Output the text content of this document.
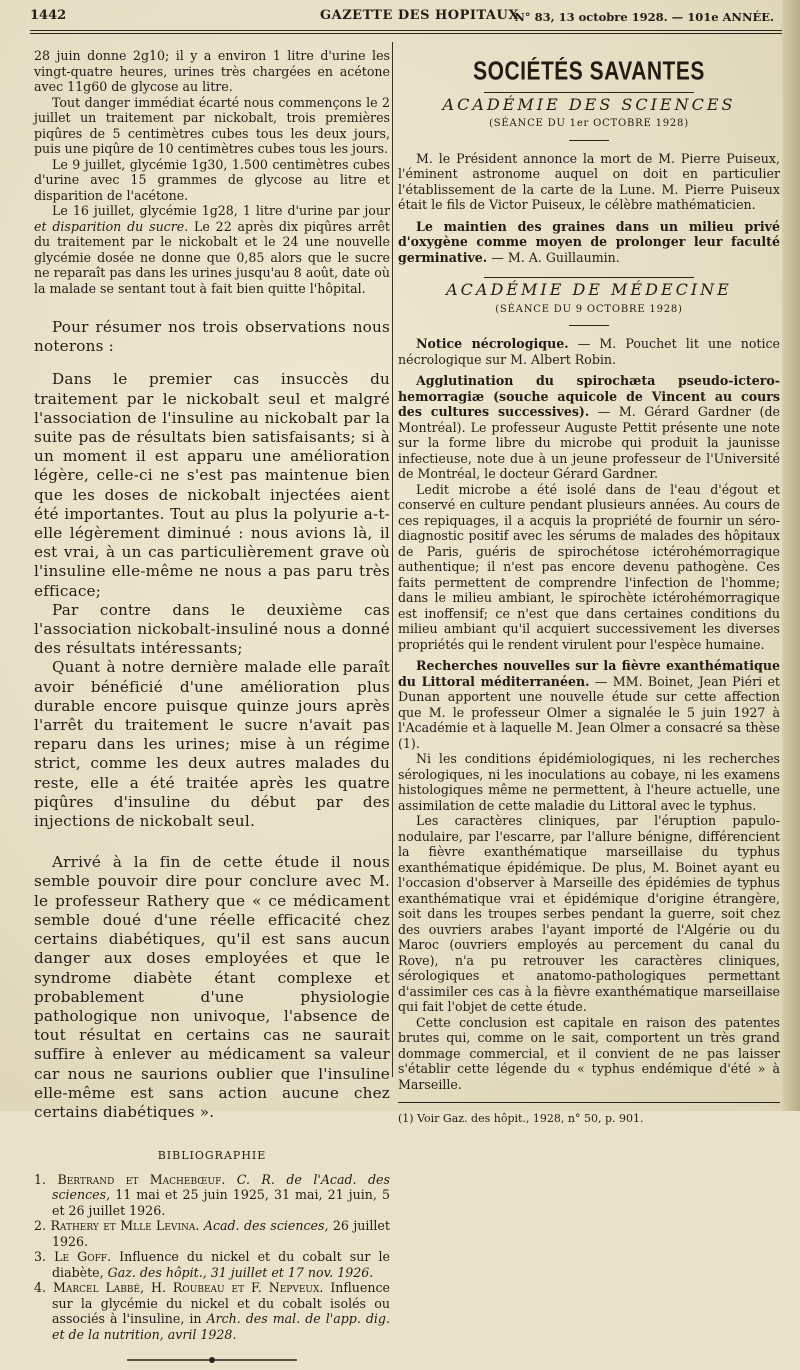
1442	GAZETTE DES HOPITAUX
N° 83, 13 octobre 1928. — 101e ANNÉE.

28 juin donne 2g10; il y a environ 1 litre d'urine les vingt-quatre heures, urines très chargées en acétone avec 11g60 de glycose au litre.

Tout danger immédiat écarté nous commençons le 2 juillet un traitement par nickobalt, trois premières piqûres de 5 centimètres cubes tous les deux jours, puis une piqûre de 10 centimètres cubes tous les jours.

Le 9 juillet, glycémie 1g30, 1.500 centimètres cubes d'urine avec 15 grammes de glycose au litre et disparition de l'acétone.

Le 16 juillet, glycémie 1g28, 1 litre d'urine par jour et disparition du sucre. Le 22 après dix piqûres arrêt du traitement par le nickobalt et le 24 une nouvelle glycémie dosée ne donne que 0,85 alors que le sucre ne reparaît pas dans les urines jusqu'au 8 août, date où la malade se sentant tout à fait bien quitte l'hôpital.

Pour résumer nos trois observations nous noterons :

Dans le premier cas insuccès du traitement par le nickobalt seul et malgré l'association de l'insuline au nickobalt par la suite pas de résultats bien satisfaisants; si à un moment il est apparu une amélioration légère, celle-ci ne s'est pas maintenue bien que les doses de nickobalt injectées aient été importantes. Tout au plus la polyurie a-t-elle légèrement diminué : nous avions là, il est vrai, à un cas particulièrement grave où l'insuline elle-même ne nous a pas paru très efficace;

Par contre dans le deuxième cas l'association nickobalt-insuliné nous a donné des résultats intéressants;

Quant à notre dernière malade elle paraît avoir bénéficié d'une amélioration plus durable encore puisque quinze jours après l'arrêt du traitement le sucre n'avait pas reparu dans les urines; mise à un régime strict, comme les deux autres malades du reste, elle a été traitée après les quatre piqûres d'insuline du début par des injections de nickobalt seul.

Arrivé à la fin de cette étude il nous semble pouvoir dire pour conclure avec M. le professeur Rathery que « ce médicament semble doué d'une réelle efficacité chez certains diabétiques, qu'il est sans aucun danger aux doses employées et que le syndrome diabète étant complexe et probablement d'une physiologie pathologique non univoque, l'absence de tout résultat en certains cas ne saurait suffire à enlever au médicament sa valeur car nous ne saurions oublier que l'insuline elle-même est sans action aucune chez certains diabétiques ».

BIBLIOGRAPHIE
1. Bertrand et Machebœuf. C. R. de l'Acad. des sciences, 11 mai et 25 juin 1925, 31 mai, 21 juin, 5 et 26 juillet 1926.
2. Rathery et Mlle Levina. Acad. des sciences, 26 juillet 1926.
3. Le Goff. Influence du nickel et du cobalt sur le diabète, Gaz. des hôpit., 31 juillet et 17 nov. 1926.
4. Marcel Labbé, H. Roubeau et F. Nepveux. Influence sur la glycémie du nickel et du cobalt isolés ou associés à l'insuline, in Arch. des mal. de l'app. dig. et de la nutrition, avril 1928.
SOCIÉTÉS SAVANTES
ACADÉMIE DES SCIENCES
(SÉANCE DU 1er OCTOBRE 1928)

M. le Président annonce la mort de M. Pierre Puiseux, l'éminent astronome auquel on doit en particulier l'établissement de la carte de la Lune. M. Pierre Puiseux était le fils de Victor Puiseux, le célèbre mathématicien.

Le maintien des graines dans un milieu privé d'oxygène comme moyen de prolonger leur faculté germinative. — M. A. Guillaumin.

ACADÉMIE DE MÉDECINE
(SÉANCE DU 9 OCTOBRE 1928)

Notice nécrologique. — M. Pouchet lit une notice nécrologique sur M. Albert Robin.

Agglutination du spirochæta pseudo-ictero-hemorragiæ (souche aquicole de Vincent au cours des cultures successives). — M. Gérard Gardner (de Montréal). Le professeur Auguste Pettit présente une note sur la forme libre du microbe qui produit la jaunisse infectieuse, note due à un jeune professeur de l'Université de Montréal, le docteur Gérard Gardner.

Ledit microbe a été isolé dans de l'eau d'égout et conservé en culture pendant plusieurs années. Au cours de ces repiquages, il a acquis la propriété de fournir un séro-diagnostic positif avec les sérums de malades des hôpitaux de Paris, guéris de spirochétose ictérohémorragique authentique; il n'est pas encore devenu pathogène. Ces faits permettent de comprendre l'infection de l'homme; dans le milieu ambiant, le spirochète ictérohémorragique est inoffensif; ce n'est que dans certaines conditions du milieu ambiant qu'il acquiert successivement les diverses propriétés qui le rendent virulent pour l'espèce humaine.

Recherches nouvelles sur la fièvre exanthématique du Littoral méditerranéen. — MM. Boinet, Jean Piéri et Dunan apportent une nouvelle étude sur cette affection que M. le professeur Olmer a signalée le 5 juin 1927 à l'Académie et à laquelle M. Jean Olmer a consacré sa thèse (1).

Ni les conditions épidémiologiques, ni les recherches sérologiques, ni les inoculations au cobaye, ni les examens histologiques même ne permettent, à l'heure actuelle, une assimilation de cette maladie du Littoral avec le typhus.

Les caractères cliniques, par l'éruption papulo-nodulaire, par l'escarre, par l'allure bénigne, différencient la fièvre exanthématique marseillaise du typhus exanthématique épidémique. De plus, M. Boinet ayant eu l'occasion d'observer à Marseille des épidémies de typhus exanthématique vrai et épidémique d'origine étrangère, soit dans les troupes serbes pendant la guerre, soit chez des ouvriers arabes l'ayant importé de l'Algérie ou du Maroc (ouvriers employés au percement du canal du Rove), n'a pu retrouver les caractères cliniques, sérologiques et anatomo-pathologiques permettant d'assimiler ces cas à la fièvre exanthématique marseillaise qui fait l'objet de cette étude.

Cette conclusion est capitale en raison des patentes brutes qui, comme on le sait, comportent un très grand dommage commercial, et il convient de ne pas laisser s'établir cette légende du « typhus endémique d'été » à Marseille.

(1) Voir Gaz. des hôpit., 1928, n° 50, p. 901.
